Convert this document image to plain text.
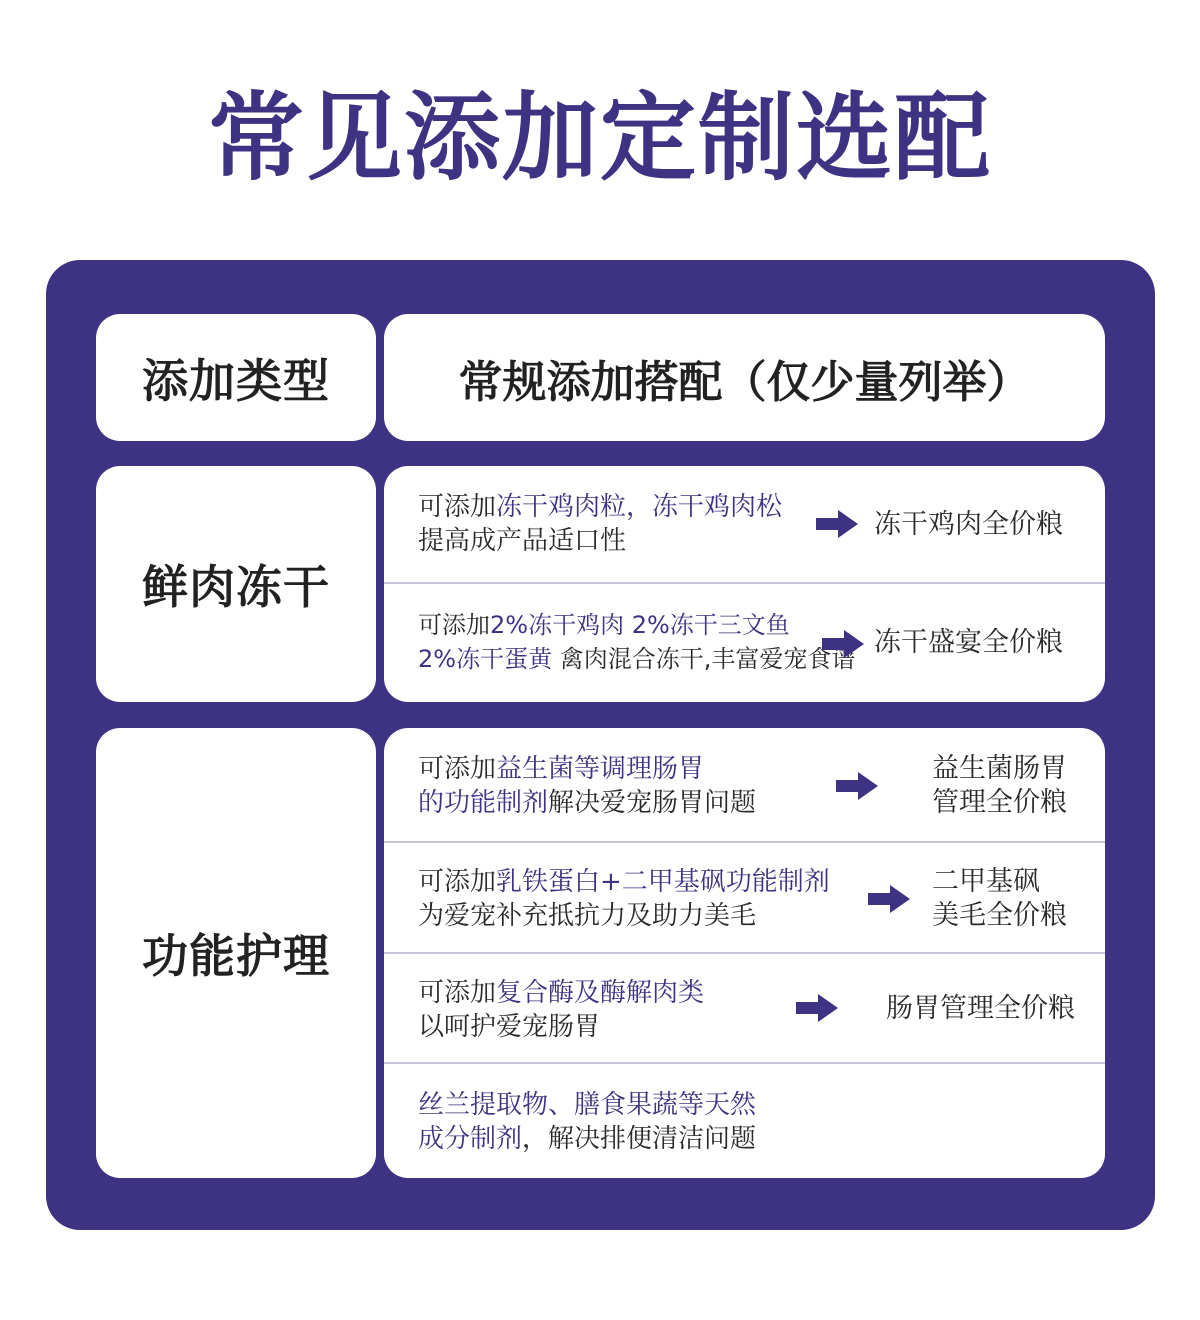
常见添加定制选配
添加类型	常规添加搭配（仅少量列举）
鲜肉冻干
可添加冻干鸡肉粒，冻干鸡肉松
提高成产品适口性
冻干鸡肉全价粮
可添加2%冻干鸡肉 2%冻干三文鱼
2%冻干蛋黄 禽肉混合冻干,丰富爱宠食谱
冻干盛宴全价粮
功能护理
可添加益生菌等调理肠胃
的功能制剂解决爱宠肠胃问题
益生菌肠胃
管理全价粮
可添加乳铁蛋白+二甲基砜功能制剂
为爱宠补充抵抗力及助力美毛
二甲基砜
美毛全价粮
可添加复合酶及酶解肉类
以呵护爱宠肠胃
肠胃管理全价粮
丝兰提取物、膳食果蔬等天然
成分制剂，解决排便清洁问题
